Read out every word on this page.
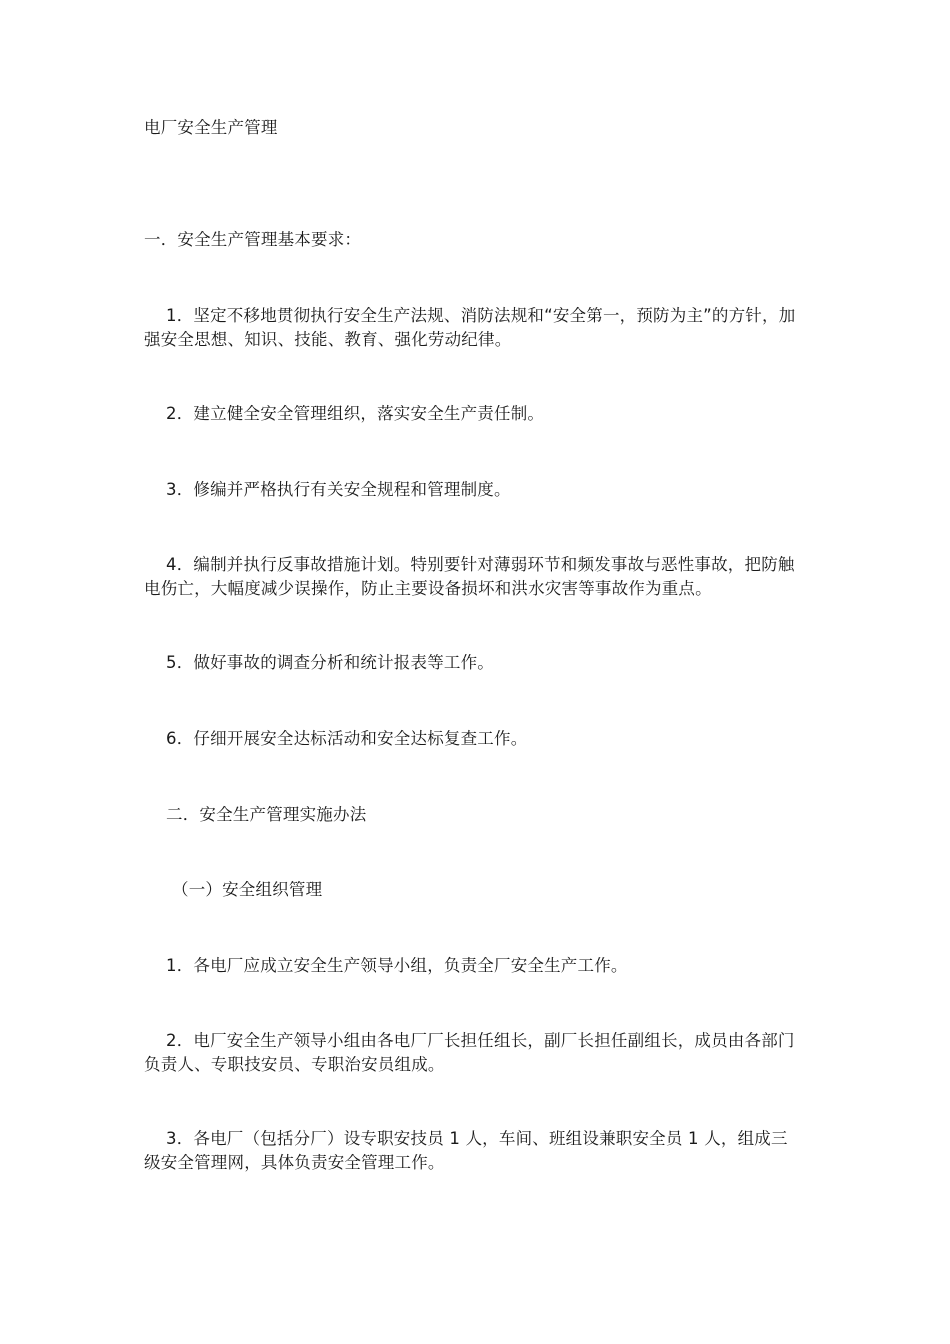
电厂安全生产管理
一．安全生产管理基本要求：
1．坚定不移地贯彻执行安全生产法规、消防法规和“安全第一，预防为主”的方针，加强安全思想、知识、技能、教育、强化劳动纪律。
2．建立健全安全管理组织，落实安全生产责任制。
3．修编并严格执行有关安全规程和管理制度。
4．编制并执行反事故措施计划。特别要针对薄弱环节和频发事故与恶性事故，把防触电伤亡，大幅度减少误操作，防止主要设备损坏和洪水灾害等事故作为重点。
5．做好事故的调查分析和统计报表等工作。
6．仔细开展安全达标活动和安全达标复查工作。
二．安全生产管理实施办法
（一）安全组织管理
1．各电厂应成立安全生产领导小组，负责全厂安全生产工作。
2．电厂安全生产领导小组由各电厂厂长担任组长，副厂长担任副组长，成员由各部门负责人、专职技安员、专职治安员组成。
3．各电厂（包括分厂）设专职安技员 1 人，车间、班组设兼职安全员 1 人，组成三级安全管理网，具体负责安全管理工作。
